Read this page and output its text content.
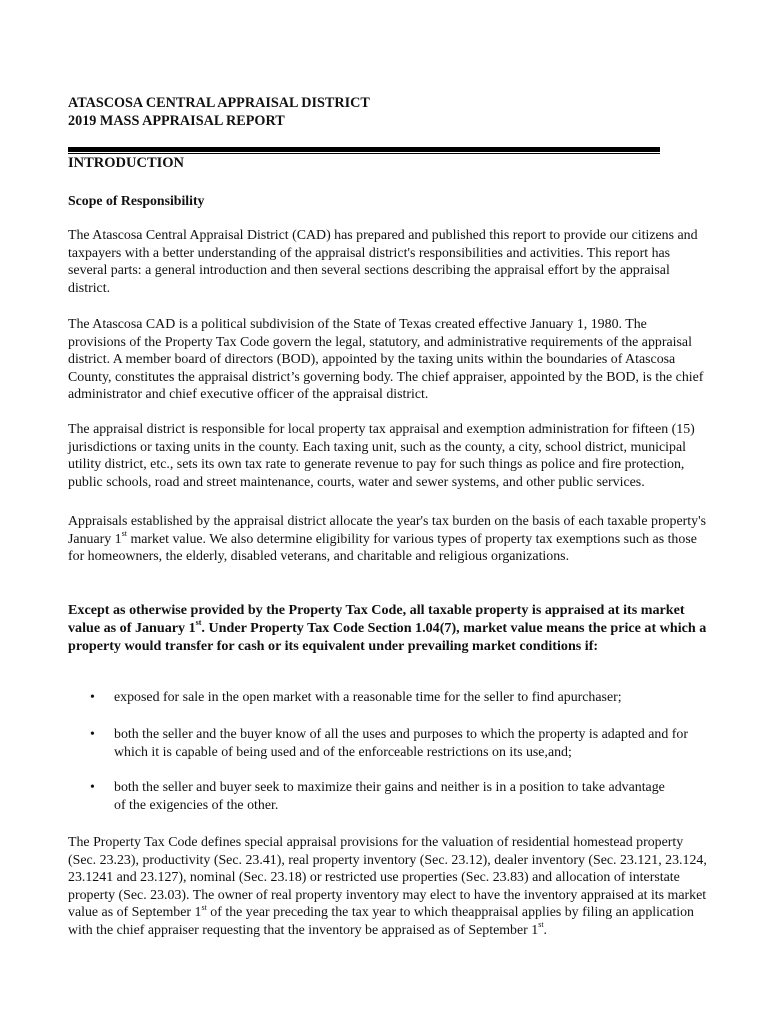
ATASCOSA CENTRAL APPRAISAL DISTRICT
2019 MASS APPRAISAL REPORT
INTRODUCTION
Scope of Responsibility

The Atascosa Central Appraisal District (CAD) has prepared and published this report to provide our citizens and taxpayers with a better understanding of the appraisal district's responsibilities and activities. This report has several parts: a general introduction and then several sections describing the appraisal effort by the appraisal district.

The Atascosa CAD is a political subdivision of the State of Texas created effective January 1, 1980. The provisions of the Property Tax Code govern the legal, statutory, and administrative requirements of the appraisal district. A member board of directors (BOD), appointed by the taxing units within the boundaries of Atascosa County, constitutes the appraisal district’s governing body. The chief appraiser, appointed by the BOD, is the chief administrator and chief executive officer of the appraisal district.

The appraisal district is responsible for local property tax appraisal and exemption administration for fifteen (15) jurisdictions or taxing units in the county. Each taxing unit, such as the county, a city, school district, municipal utility district, etc., sets its own tax rate to generate revenue to pay for such things as police and fire protection, public schools, road and street maintenance, courts, water and sewer systems, and other public services.

Appraisals established by the appraisal district allocate the year's tax burden on the basis of each taxable property's January 1st market value. We also determine eligibility for various types of property tax exemptions such as those for homeowners, the elderly, disabled veterans, and charitable and religious organizations.

Except as otherwise provided by the Property Tax Code, all taxable property is appraised at its market value as of January 1st. Under Property Tax Code Section 1.04(7), market value means the price at which a property would transfer for cash or its equivalent under prevailing market conditions if:

• exposed for sale in the open market with a reasonable time for the seller to find apurchaser;
• both the seller and the buyer know of all the uses and purposes to which the property is adapted and for which it is capable of being used and of the enforceable restrictions on its use,and;
• both the seller and buyer seek to maximize their gains and neither is in a position to take advantage of the exigencies of the other.

The Property Tax Code defines special appraisal provisions for the valuation of residential homestead property (Sec. 23.23), productivity (Sec. 23.41), real property inventory (Sec. 23.12), dealer inventory (Sec. 23.121, 23.124, 23.1241 and 23.127), nominal (Sec. 23.18) or restricted use properties (Sec. 23.83) and allocation of interstate property (Sec. 23.03). The owner of real property inventory may elect to have the inventory appraised at its market value as of September 1st of the year preceding the tax year to which theappraisal applies by filing an application with the chief appraiser requesting that the inventory be appraised as of September 1st.
